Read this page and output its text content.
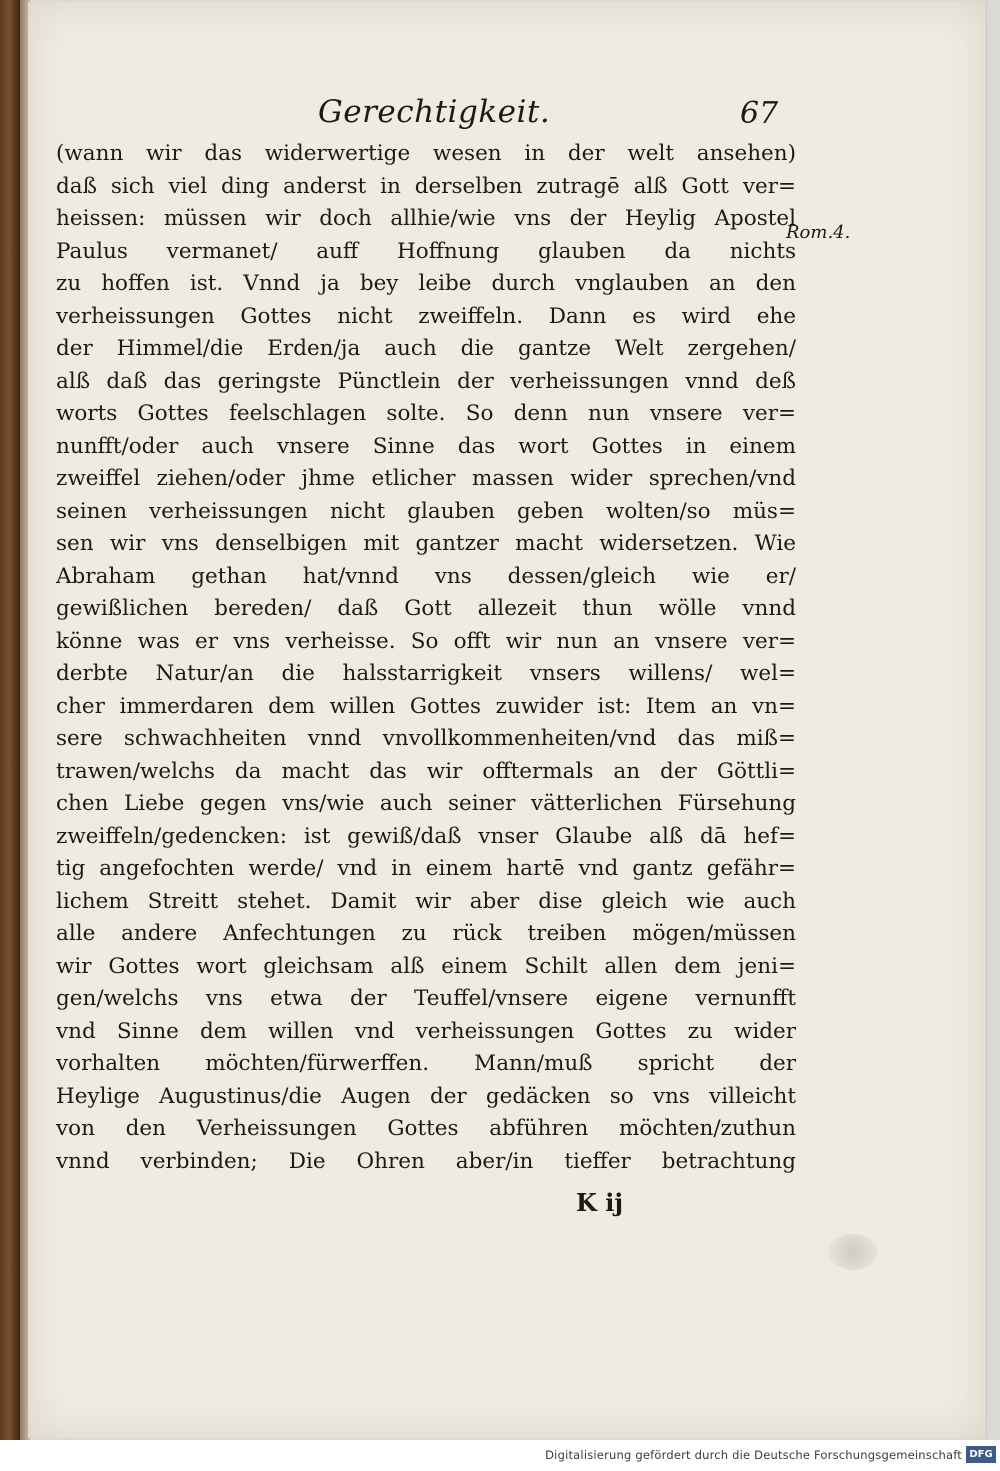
Gerechtigkeit.	67
(wann wir das widerwertige wesen in der welt ansehen)
daß sich viel ding anderst in derselben zutragē alß Gott ver=
heissen: müssen wir doch allhie/wie vns der Heylig Apostel
Paulus vermanet/ auff Hoffnung glauben da nichts
zu hoffen ist. Vnnd ja bey leibe durch vnglauben an den
verheissungen Gottes nicht zweiffeln. Dann es wird ehe
der Himmel/die Erden/ja auch die gantze Welt zergehen/
alß daß das geringste Pünctlein der verheissungen vnnd deß
worts Gottes feelschlagen solte. So denn nun vnsere ver=
nunfft/oder auch vnsere Sinne das wort Gottes in einem
zweiffel ziehen/oder jhme etlicher massen wider sprechen/vnd
seinen verheissungen nicht glauben geben wolten/so müs=
sen wir vns denselbigen mit gantzer macht widersetzen. Wie
Abraham gethan hat/vnnd vns dessen/gleich wie er/
gewißlichen bereden/ daß Gott allezeit thun wölle vnnd
könne was er vns verheisse. So offt wir nun an vnsere ver=
derbte Natur/an die halsstarrigkeit vnsers willens/ wel=
cher immerdaren dem willen Gottes zuwider ist: Item an vn=
sere schwachheiten vnnd vnvollkommenheiten/vnd das miß=
trawen/welchs da macht das wir offtermals an der Göttli=
chen Liebe gegen vns/wie auch seiner vätterlichen Fürsehung
zweiffeln/gedencken: ist gewiß/daß vnser Glaube alß dā hef=
tig angefochten werde/ vnd in einem hartē vnd gantz gefähr=
lichem Streitt stehet. Damit wir aber dise gleich wie auch
alle andere Anfechtungen zu rück treiben mögen/müssen
wir Gottes wort gleichsam alß einem Schilt allen dem jeni=
gen/welchs vns etwa der Teuffel/vnsere eigene vernunfft
vnd Sinne dem willen vnd verheissungen Gottes zu wider
vorhalten möchten/fürwerffen. Mann/muß spricht der
Heylige Augustinus/die Augen der gedäcken so vns villeicht
von den Verheissungen Gottes abführen möchten/zuthun
vnnd verbinden; Die Ohren aber/in tieffer betrachtung
Rom.4.
K ij
Digitalisierung gefördert durch die Deutsche Forschungsgemeinschaft DFG
